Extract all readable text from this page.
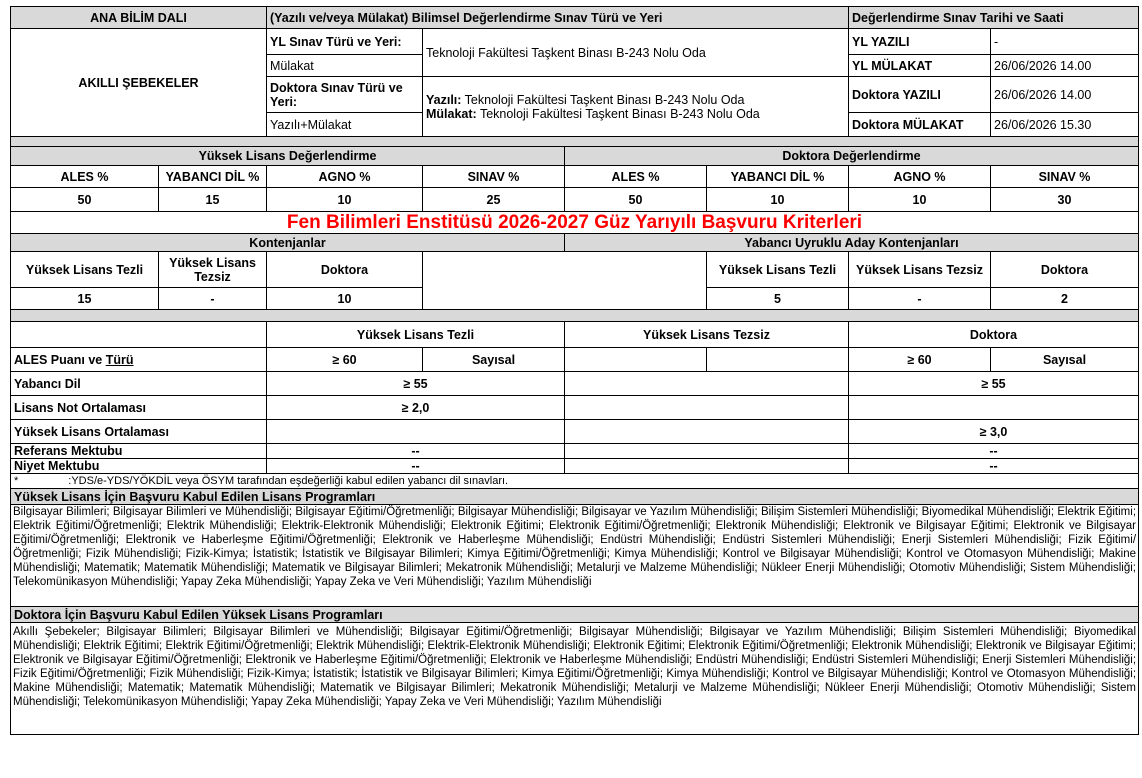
ANA BİLİM DALI		(Yazılı ve/veya Mülakat) Bilimsel Değerlendirme Sınav Türü ve Yeri				Değerlendirme Sınav Tarihi ve Saati	
AKILLI ŞEBEKELER		YL Sınav Türü ve Yeri:	Teknoloji Fakültesi Taşkent Binası B-243 Nolu Oda			YL YAZILI	-
		Mülakat				YL MÜLAKAT	26/06/2026 14.00
		Doktora Sınav Türü ve Yeri:	Yazılı: Teknoloji Fakültesi Taşkent Binası B-243 Nolu Oda
Mülakat: Teknoloji Fakültesi Taşkent Binası B-243 Nolu Oda			Doktora YAZILI	26/06/2026 14.00
		Yazılı+Mülakat				Doktora MÜLAKAT	26/06/2026 15.30

Yüksek Lisans Değerlendirme				Doktora Değerlendirme			
ALES %	YABANCI DİL %	AGNO %	SINAV %	ALES %	YABANCI DİL %	AGNO %	SINAV %
50	15	10	25	50	10	10	30
Fen Bilimleri Enstitüsü 2026-2027 Güz Yarıyılı Başvuru Kriterleri							
Kontenjanlar				Yabancı Uyruklu Aday Kontenjanları			
Yüksek Lisans Tezli	Yüksek Lisans Tezsiz	Doktora			Yüksek Lisans Tezli	Yüksek Lisans Tezsiz	Doktora
15	-	10			5	-	2

		Yüksek Lisans Tezli		Yüksek Lisans Tezsiz		Doktora	
ALES Puanı ve Türü		≥ 60	Sayısal			≥ 60	Sayısal
Yabancı Dil		≥ 55				≥ 55	
Lisans Not Ortalaması		≥ 2,0					
Yüksek Lisans Ortalaması						≥ 3,0	
Referans Mektubu		--				--	
Niyet Mektubu		--				--	
* :YDS/e-YDS/YÖKDİL veya ÖSYM tarafından eşdeğerliği kabul edilen yabancı dil sınavları.							
Yüksek Lisans İçin Başvuru Kabul Edilen Lisans Programları							
Bilgisayar Bilimleri; Bilgisayar Bilimleri ve Mühendisliği; Bilgisayar Eğitimi/Öğretmenliği; Bilgisayar Mühendisliği; Bilgisayar ve Yazılım Mühendisliği; Bilişim Sistemleri Mühendisliği; Biyomedikal Mühendisliği; Elektrik Eğitimi; Elektrik Eğitimi/Öğretmenliği; Elektrik Mühendisliği; Elektrik-Elektronik Mühendisliği; Elektronik Eğitimi; Elektronik Eğitimi/Öğretmenliği; Elektronik Mühendisliği; Elektronik ve Bilgisayar Eğitimi; Elektronik ve Bilgisayar Eğitimi/Öğretmenliği; Elektronik ve Haberleşme Eğitimi/Öğretmenliği; Elektronik ve Haberleşme Mühendisliği; Endüstri Mühendisliği; Endüstri Sistemleri Mühendisliği; Enerji Sistemleri Mühendisliği; Fizik Eğitimi/Öğretmenliği; Fizik Mühendisliği; Fizik-Kimya; İstatistik; İstatistik ve Bilgisayar Bilimleri; Kimya Eğitimi/Öğretmenliği; Kimya Mühendisliği; Kontrol ve Bilgisayar Mühendisliği; Kontrol ve Otomasyon Mühendisliği; Makine Mühendisliği; Matematik; Matematik Mühendisliği; Matematik ve Bilgisayar Bilimleri; Mekatronik Mühendisliği; Metalurji ve Malzeme Mühendisliği; Nükleer Enerji Mühendisliği; Otomotiv Mühendisliği; Sistem Mühendisliği; Telekomünikasyon Mühendisliği; Yapay Zeka Mühendisliği; Yapay Zeka ve Veri Mühendisliği; Yazılım Mühendisliği							
Doktora İçin Başvuru Kabul Edilen Yüksek Lisans Programları							
Akıllı Şebekeler; Bilgisayar Bilimleri; Bilgisayar Bilimleri ve Mühendisliği; Bilgisayar Eğitimi/Öğretmenliği; Bilgisayar Mühendisliği; Bilgisayar ve Yazılım Mühendisliği; Bilişim Sistemleri Mühendisliği; Biyomedikal Mühendisliği; Elektrik Eğitimi; Elektrik Eğitimi/Öğretmenliği; Elektrik Mühendisliği; Elektrik-Elektronik Mühendisliği; Elektronik Eğitimi; Elektronik Eğitimi/Öğretmenliği; Elektronik Mühendisliği; Elektronik ve Bilgisayar Eğitimi; Elektronik ve Bilgisayar Eğitimi/Öğretmenliği; Elektronik ve Haberleşme Eğitimi/Öğretmenliği; Elektronik ve Haberleşme Mühendisliği; Endüstri Mühendisliği; Endüstri Sistemleri Mühendisliği; Enerji Sistemleri Mühendisliği; Fizik Eğitimi/Öğretmenliği; Fizik Mühendisliği; Fizik-Kimya; İstatistik; İstatistik ve Bilgisayar Bilimleri; Kimya Eğitimi/Öğretmenliği; Kimya Mühendisliği; Kontrol ve Bilgisayar Mühendisliği; Kontrol ve Otomasyon Mühendisliği; Makine Mühendisliği; Matematik; Matematik Mühendisliği; Matematik ve Bilgisayar Bilimleri; Mekatronik Mühendisliği; Metalurji ve Malzeme Mühendisliği; Nükleer Enerji Mühendisliği; Otomotiv Mühendisliği; Sistem Mühendisliği; Telekomünikasyon Mühendisliği; Yapay Zeka Mühendisliği; Yapay Zeka ve Veri Mühendisliği; Yazılım Mühendisliği							
